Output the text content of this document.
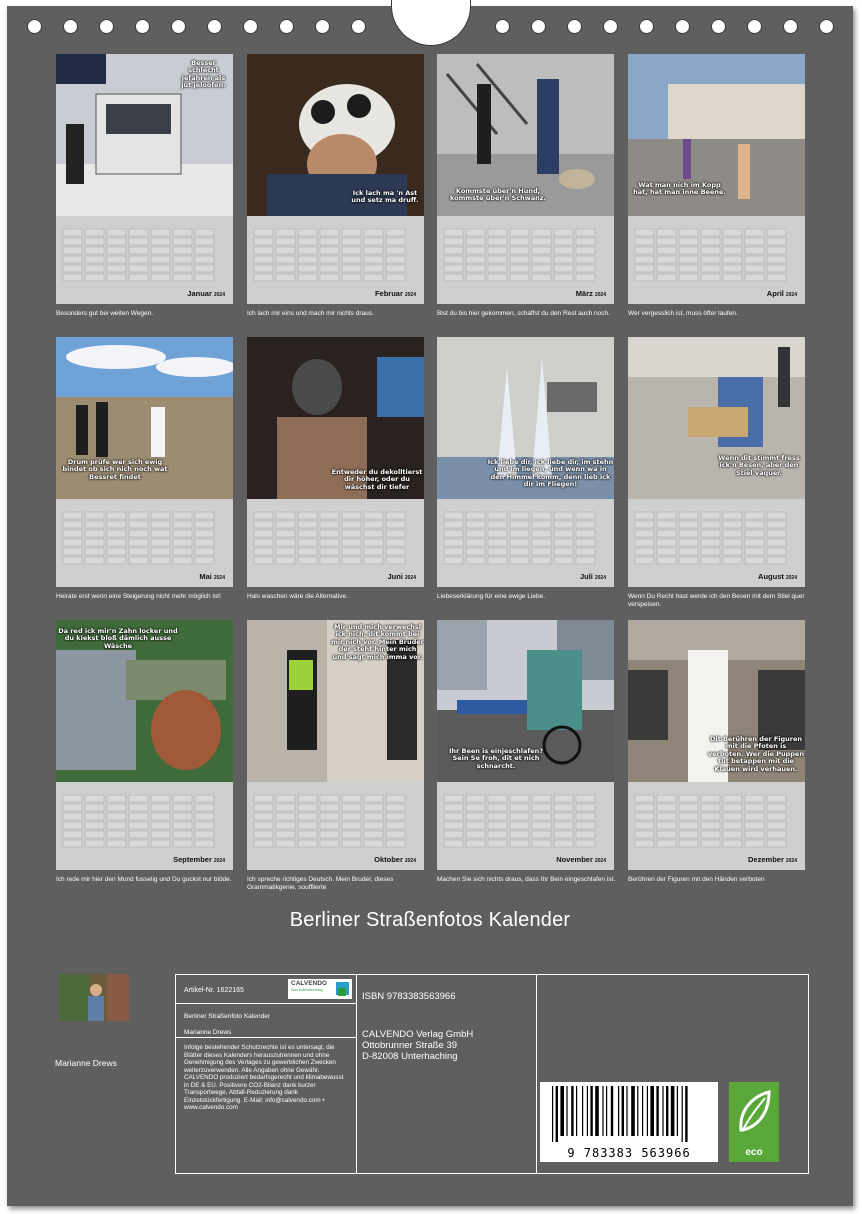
Besser schlecht jefahren als jut jeloofen.
·	·	·	·	·	·	·
Januar 2024
Besonders gut bei weiten Wegen.
Ick lach ma 'n Ast und setz ma druff.
·	·	·	·	·	·	·
Februar 2024
Ich lach mir eins und mach mir nichts draus.
Kommste über'n Hund, kommste über'n Schwanz.
·	·	·	·	·	·	·
März 2024
Bist du bis hier gekommen, schaffst du den Rest auch noch.
Wat man nich im Kopp hat, hat man inne Beene.
·	·	·	·	·	·	·
April 2024
Wer vergesslich ist, muss öfter laufen.
Drum prüfe wer sich ewig bindet ob sich nich noch wat Bessret findet
·	·	·	·	·	·	·
Mai 2024
Heirate erst wenn eine Steigerung nicht mehr möglich ist!
Entweder du dekolltierst dir höher, oder du wäschst dir tiefer
·	·	·	·	·	·	·
Juni 2024
Hals waschen wäre die Alternative.
Ick liebe dir, ick liebe dir, im stehn und im liegen, und wenn wa in den Himmel komm, denn lieb ick dir im Fliegen!
·	·	·	·	·	·	·
Juli 2024
Liebeserklärung für eine ewige Liebe.
Wenn dit stimmt fress ick'n Besen, aber den Stiel vaquer.
·	·	·	·	·	·	·
August 2024
Wenn Du Recht hast werde ich den Besen mit dem Stiel quer verspeisen.
Da red ick mir'n Zahn locker und du kiekst bloß dämlich ausse Wäsche
·	·	·	·	·	·	·
September 2024
Ich rede mir hier den Mund fusselig und Du guckst nur blöde.
Mir und mich verwechsl ick nich, dit kommt bei mir nich vor. Mein Bruder der steht hinter mich und sagt mich imma vor.
·	·	·	·	·	·	·
Oktober 2024
Ich spreche richtiges Deutsch. Mein Bruder, dieses Grammatikgenie, soufflierte
Ihr Been is einjeschlafen? Sein Se froh, dit et nich schnarcht.
·	·	·	·	·	·	·
November 2024
Machen Sie sich nichts draus, dass Ihr Bein eingeschlafen ist.
Dit Berühren der Figuren mit die Pfoten is verboten. Wer die Puppen tut betappen mit die Klauen wird verhauen.
·	·	·	·	·	·	·
Dezember 2024
Berühren der Figuren mit den Händen verboten
Berliner Straßenfotos Kalender
Marianne Drews
Artikel-Nr. 1622165
CALVENDO
Dein Kalenderverlag
Berliner Straßenfoto Kalender
Marianne Drews
Infolge bestehender Schutzrechte ist es untersagt, die Blätter dieses Kalenders herauszutrennen und ohne Genehmigung des Verlages zu gewerblichen Zwecken weiterzuverwenden. Alle Angaben ohne Gewähr. CALVENDO produziert bedarfsgerecht und klimabewusst in DE & EU. Positivere CO2-Bilanz dank kurzer Transportwege, Abfall-Reduzierung dank Einzelstückfertigung. E-Mail: info@calvendo.com • www.calvendo.com
ISBN 9783383563966
CALVENDO Verlag GmbH
Ottobrunner Straße 39
D-82008 Unterhaching
9 783383 563966	eco
